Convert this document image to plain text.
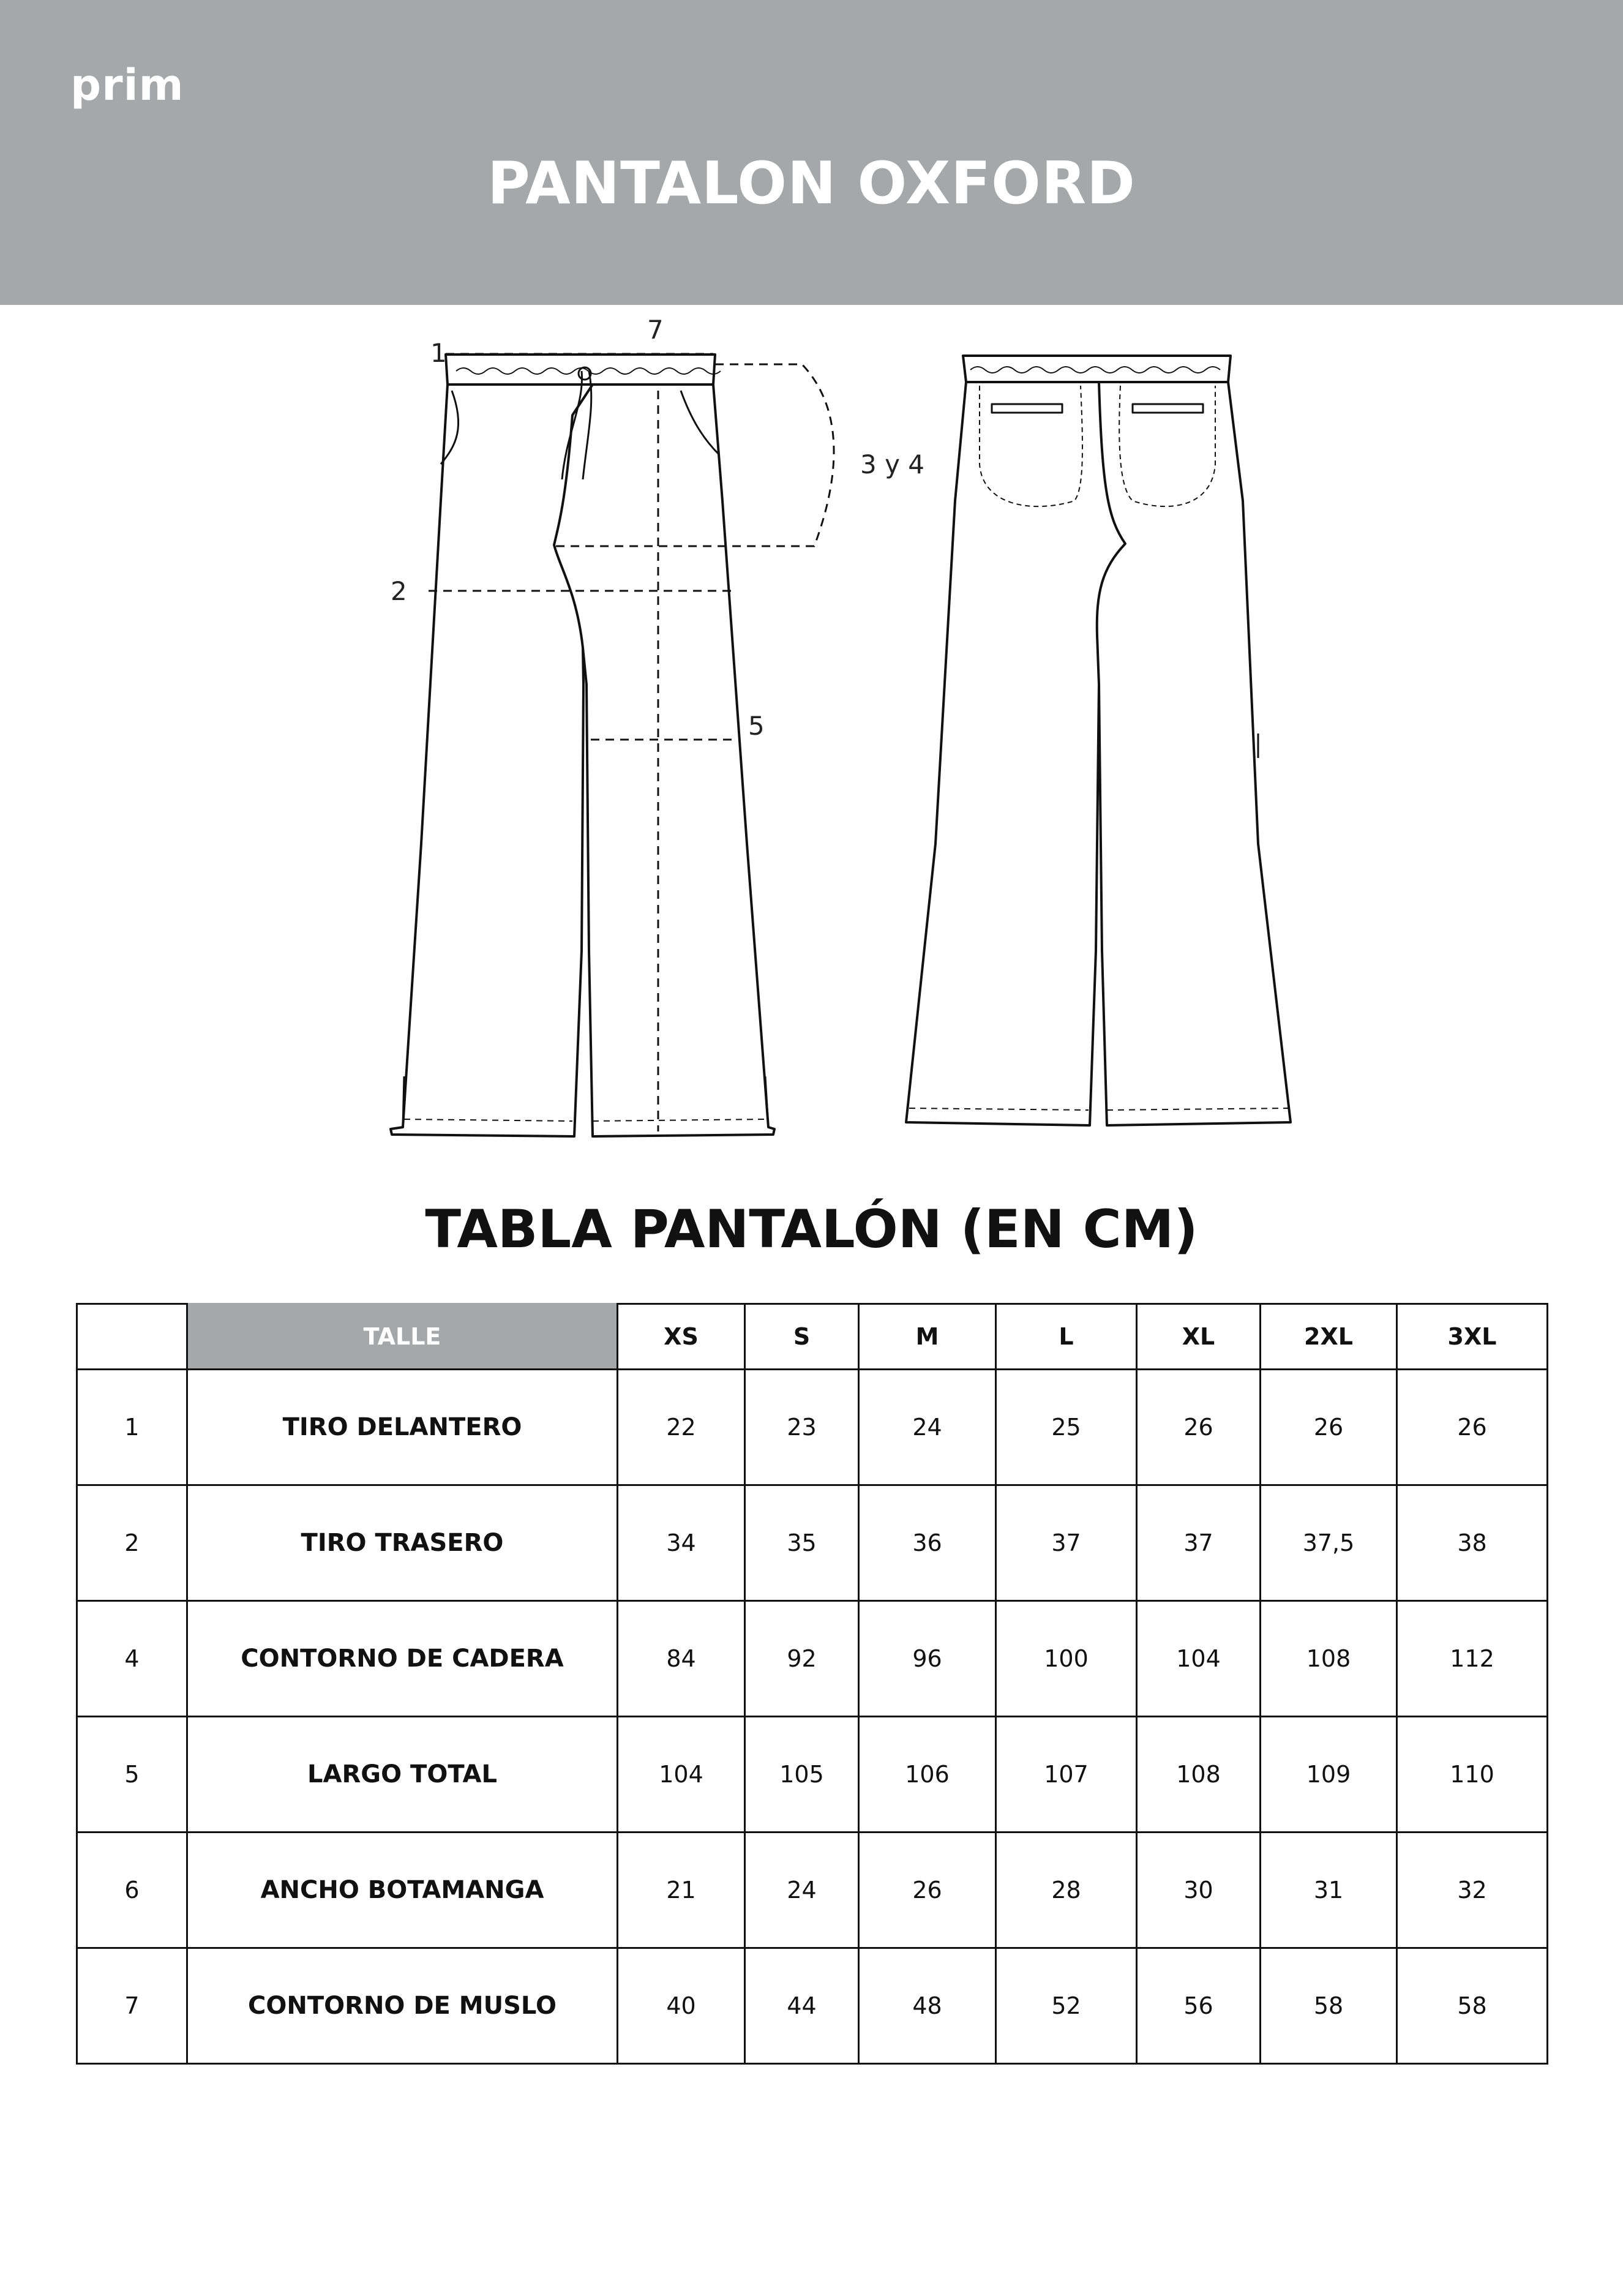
prim
PANTALON OXFORD
1
7
3 y 4
2
5
TABLA PANTALÓN (EN CM)
	TALLE	XS	S	M	L	XL	2XL	3XL
1	TIRO DELANTERO	22	23	24	25	26	26	26
2	TIRO TRASERO	34	35	36	37	37	37,5	38
4	CONTORNO DE CADERA	84	92	96	100	104	108	112
5	LARGO TOTAL	104	105	106	107	108	109	110
6	ANCHO BOTAMANGA	21	24	26	28	30	31	32
7	CONTORNO DE MUSLO	40	44	48	52	56	58	58
